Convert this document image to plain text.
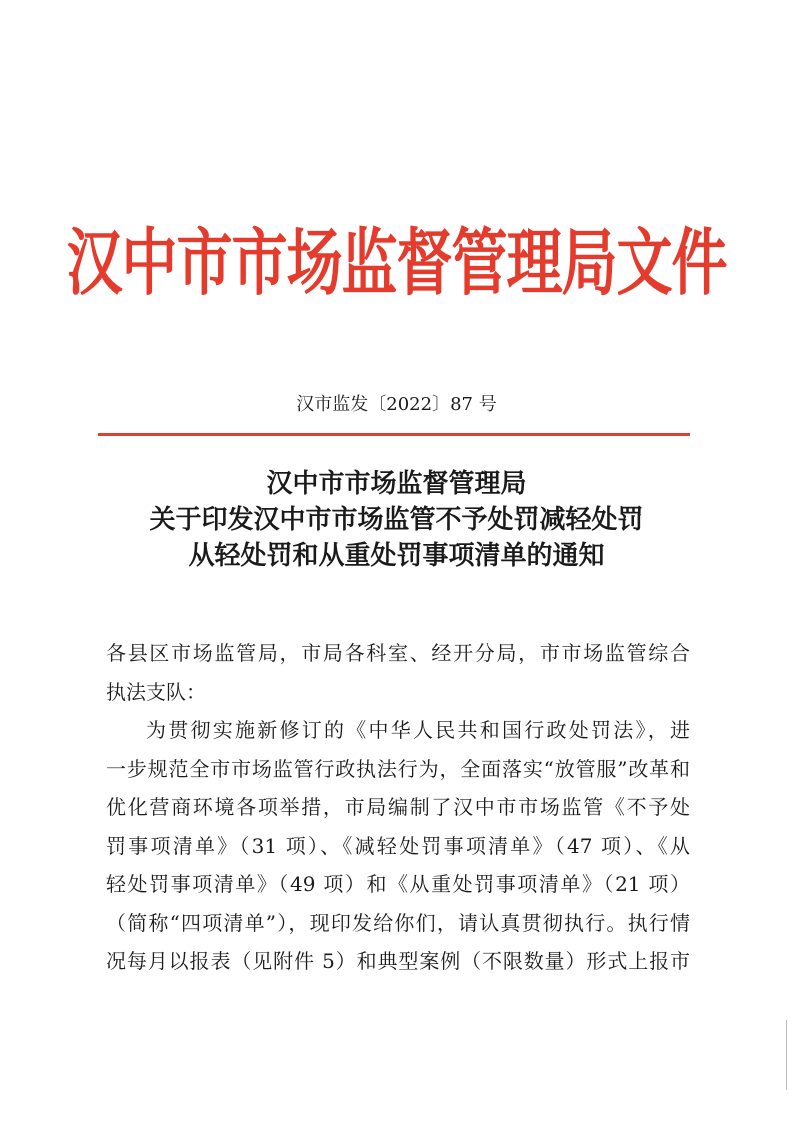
汉中市市场监督管理局文件
汉市监发〔2022〕87 号
汉中市市场监督管理局
关于印发汉中市市场监管不予处罚减轻处罚
从轻处罚和从重处罚事项清单的通知
各县区市场监管局，市局各科室、经开分局，市市场监管综合
执法支队：
为贯彻实施新修订的《中华人民共和国行政处罚法》，进
一步规范全市市场监管行政执法行为，全面落实“放管服”改革和
优化营商环境各项举措，市局编制了汉中市市场监管《不予处
罚事项清单》（31 项）、《减轻处罚事项清单》（47 项）、《从
轻处罚事项清单》（49 项）和《从重处罚事项清单》（21 项）
（简称“四项清单”），现印发给你们，请认真贯彻执行。执行情
况每月以报表（见附件 5）和典型案例（不限数量）形式上报市
